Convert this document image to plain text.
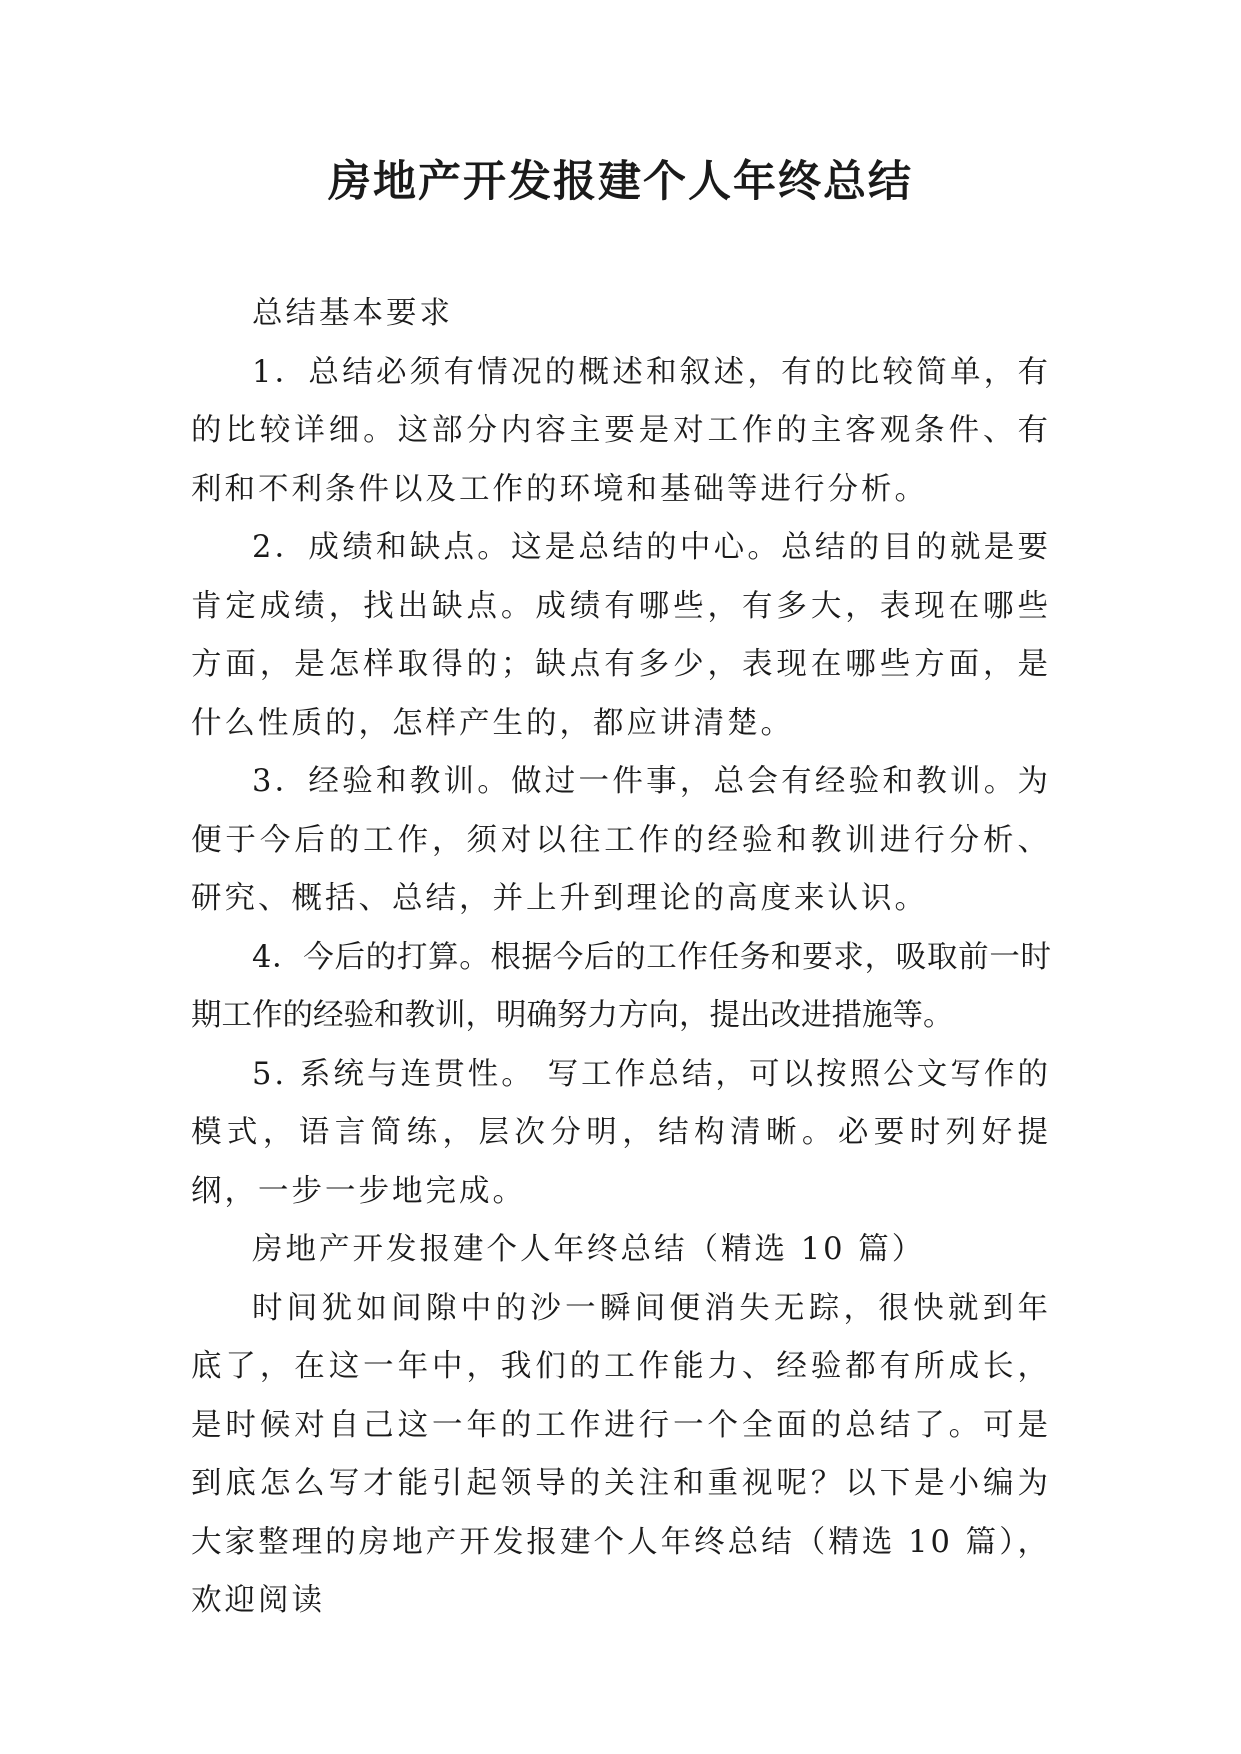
房地产开发报建个人年终总结

总结基本要求

1．总结必须有情况的概述和叙述，有的比较简单，有的比较详细。这部分内容主要是对工作的主客观条件、有利和不利条件以及工作的环境和基础等进行分析。

2．成绩和缺点。这是总结的中心。总结的目的就是要肯定成绩，找出缺点。成绩有哪些，有多大，表现在哪些方面，是怎样取得的；缺点有多少，表现在哪些方面，是什么性质的，怎样产生的，都应讲清楚。

3．经验和教训。做过一件事，总会有经验和教训。为便于今后的工作，须对以往工作的经验和教训进行分析、研究、概括、总结，并上升到理论的高度来认识。

4．今后的打算。根据今后的工作任务和要求，吸取前一时期工作的经验和教训，明确努力方向，提出改进措施等。

5. 系统与连贯性。 写工作总结，可以按照公文写作的模式，语言简练，层次分明，结构清晰。必要时列好提纲，一步一步地完成。

房地产开发报建个人年终总结（精选 10 篇）

时间犹如间隙中的沙一瞬间便消失无踪，很快就到年底了，在这一年中，我们的工作能力、经验都有所成长，是时候对自己这一年的工作进行一个全面的总结了。可是到底怎么写才能引起领导的关注和重视呢？以下是小编为大家整理的房地产开发报建个人年终总结（精选 10 篇），欢迎阅读
